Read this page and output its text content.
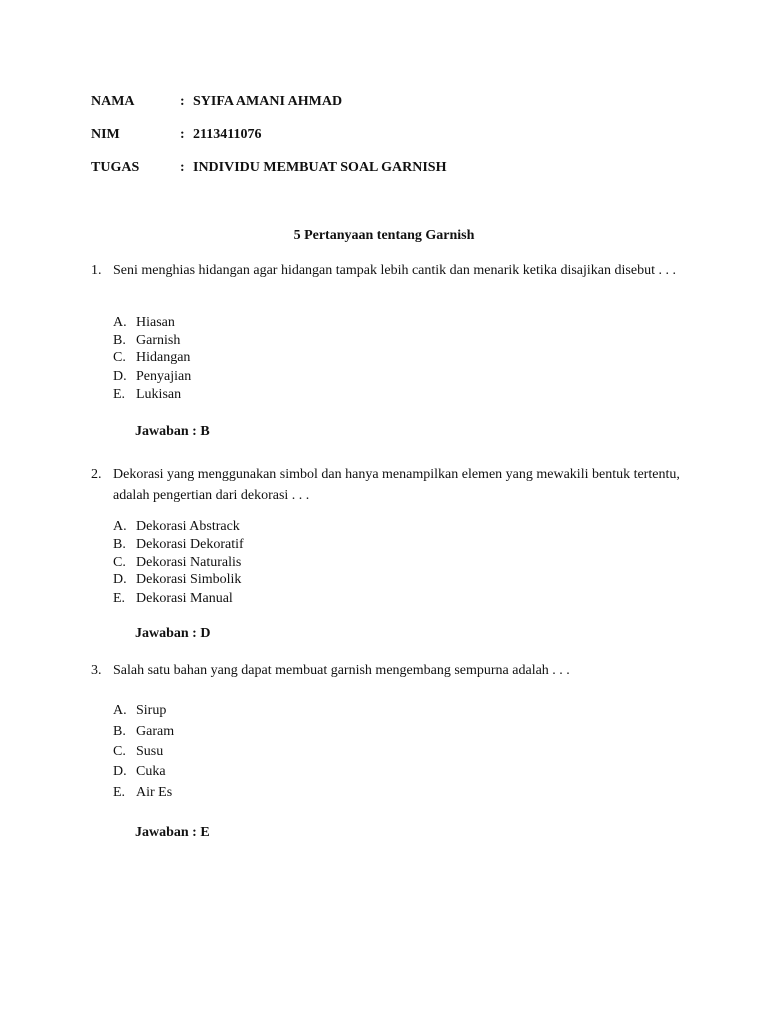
NAMA	: SYIFA AMANI AHMAD
NIM	: 2113411076
TUGAS	: INDIVIDU MEMBUAT SOAL GARNISH
5 Pertanyaan tentang Garnish
1. Seni menghias hidangan agar hidangan tampak lebih cantik dan menarik ketika disajikan disebut . . .
A. Hiasan
B. Garnish
C. Hidangan
D. Penyajian
E. Lukisan
Jawaban : B
2. Dekorasi yang menggunakan simbol dan hanya menampilkan elemen yang mewakili bentuk tertentu, adalah pengertian dari dekorasi . . .
A. Dekorasi Abstrack
B. Dekorasi Dekoratif
C. Dekorasi Naturalis
D. Dekorasi Simbolik
E. Dekorasi Manual
Jawaban : D
3. Salah satu bahan yang dapat membuat garnish mengembang sempurna adalah . . .
A. Sirup
B. Garam
C. Susu
D. Cuka
E. Air Es
Jawaban : E
